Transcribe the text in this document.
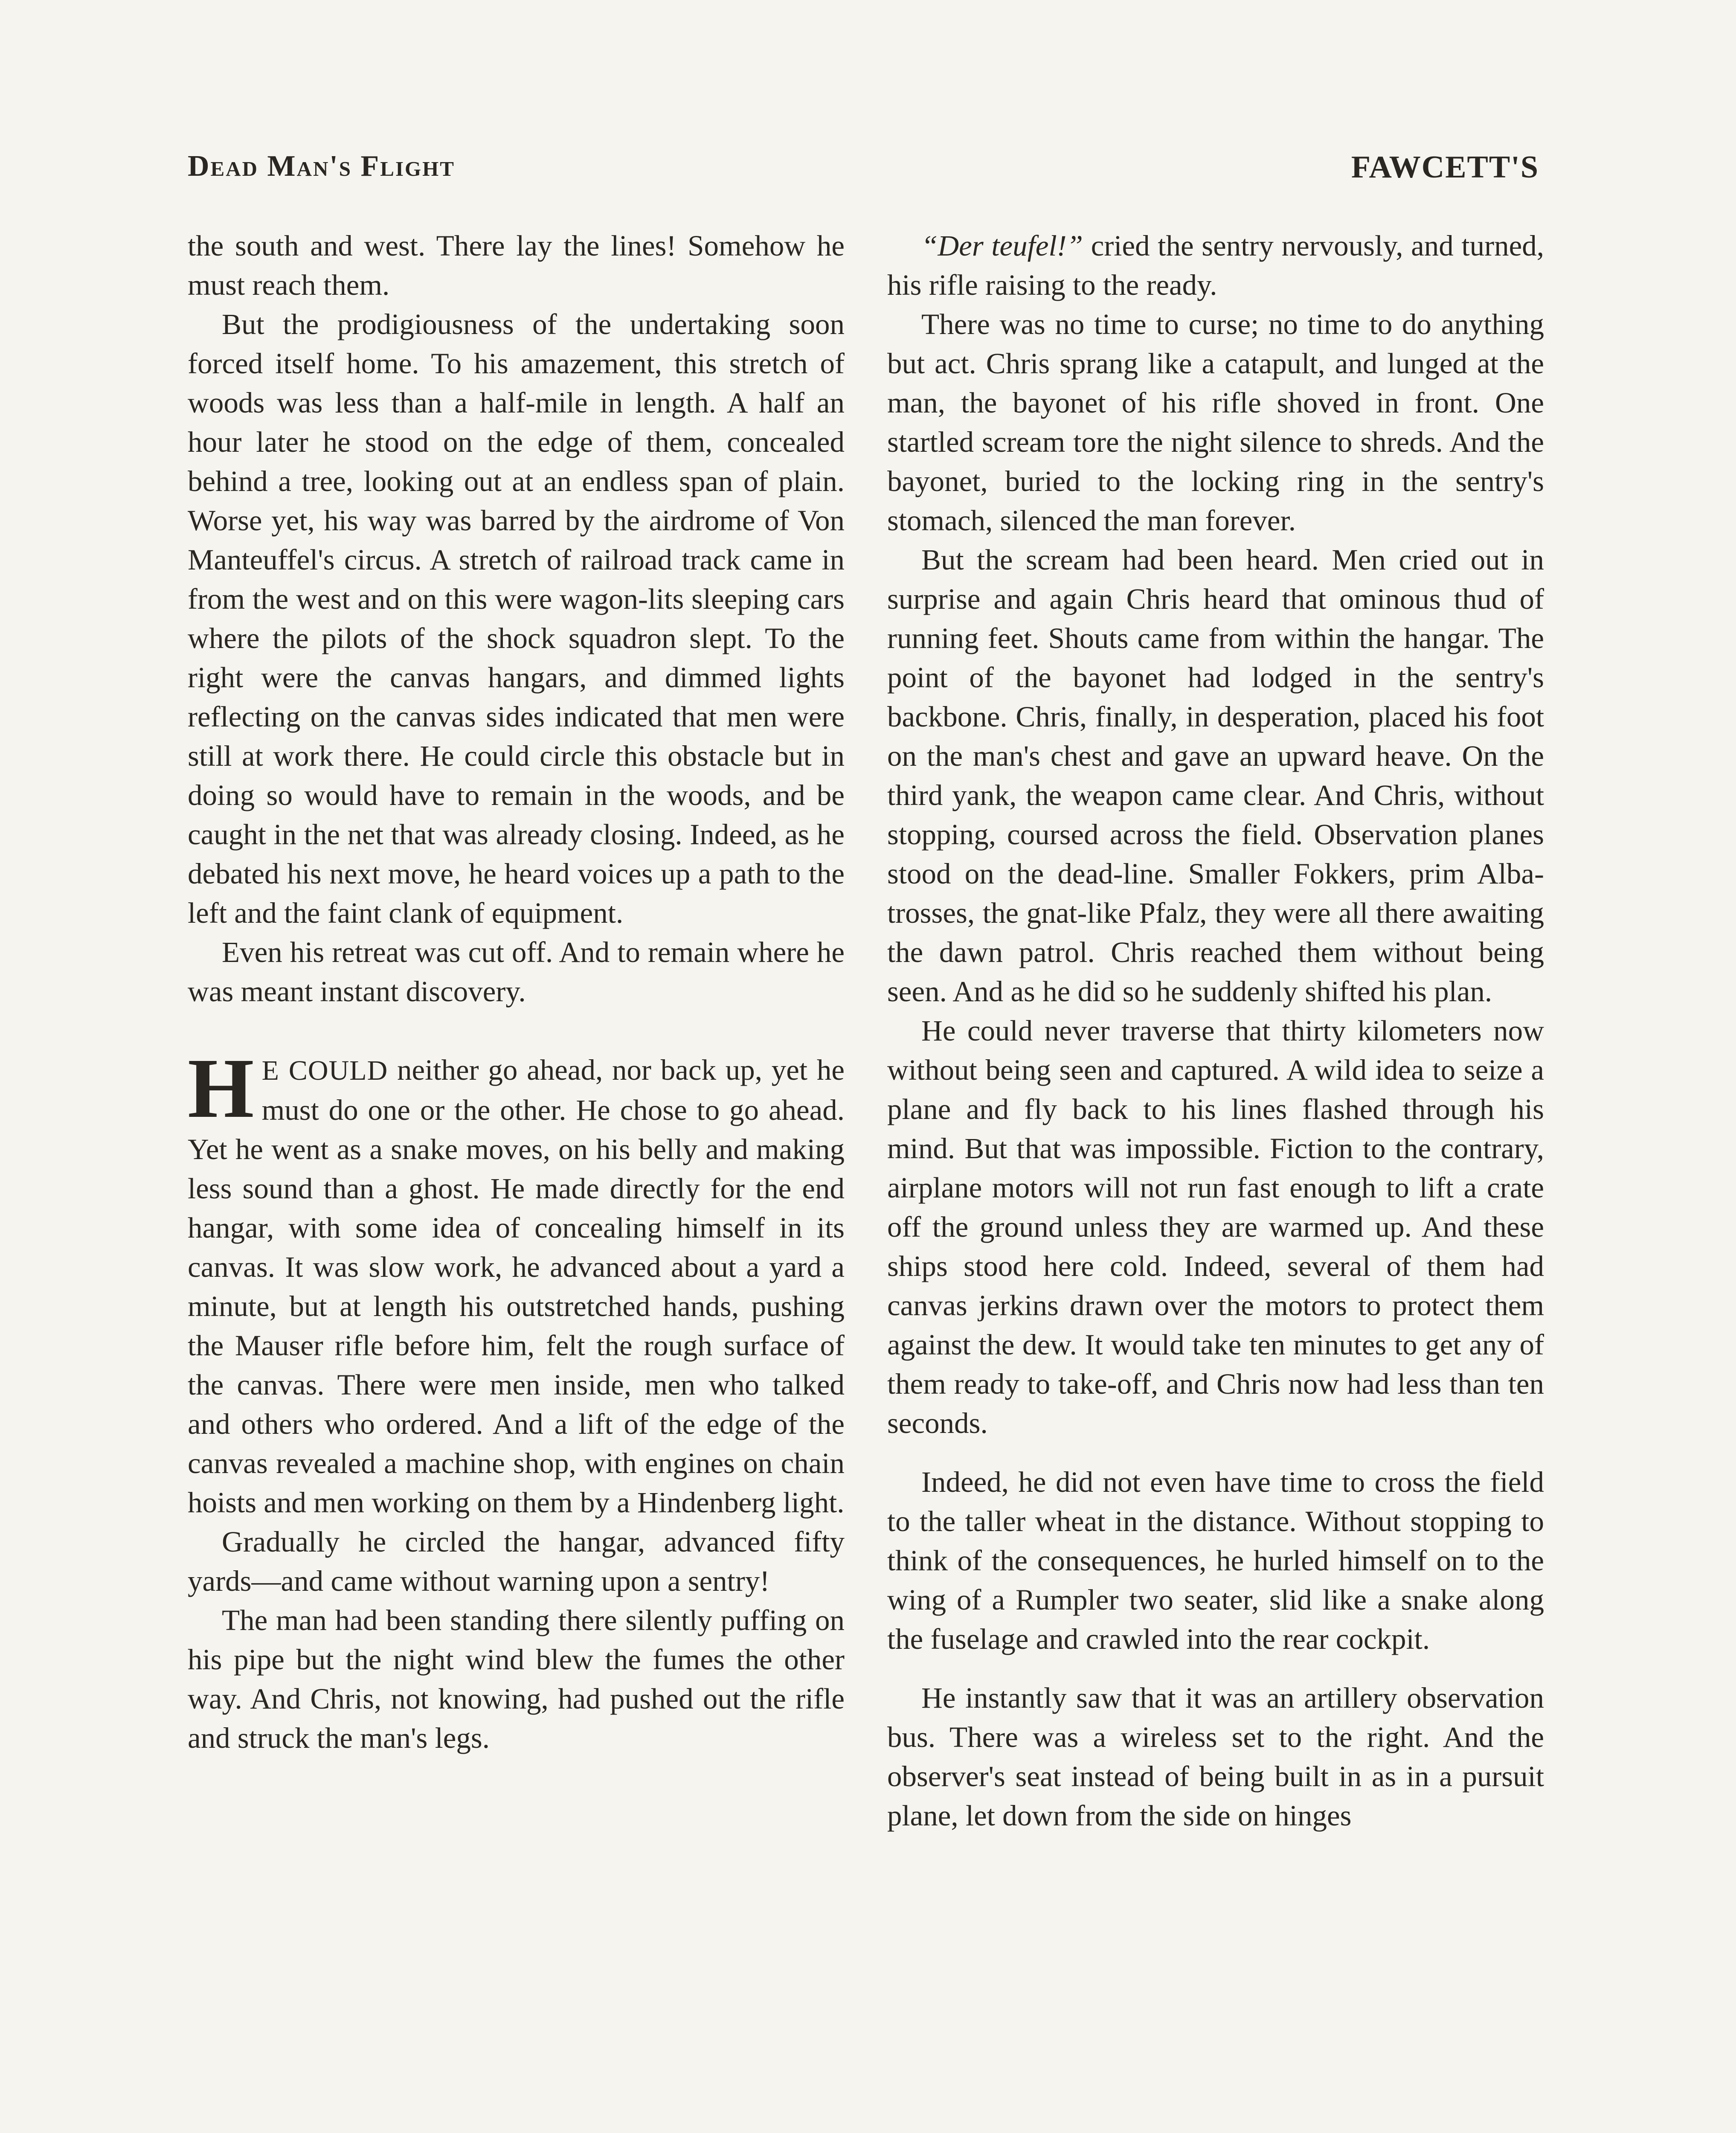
Dead Man's Flight	FAWCETT'S

the south and west. There lay the lines! Somehow he must reach them.

But the prodigiousness of the undertaking soon forced itself home. To his amazement, this stretch of woods was less than a half-mile in length. A half an hour later he stood on the edge of them, concealed behind a tree, looking out at an endless span of plain. Worse yet, his way was barred by the airdrome of Von Manteuffel's circus. A stretch of railroad track came in from the west and on this were wagon-lits sleeping cars where the pilots of the shock squadron slept. To the right were the canvas hangars, and dimmed lights reflecting on the canvas sides indicated that men were still at work there. He could circle this obstacle but in doing so would have to remain in the woods, and be caught in the net that was already closing. Indeed, as he debated his next move, he heard voices up a path to the left and the faint clank of equipment.

Even his retreat was cut off. And to remain where he was meant instant discovery.

H E COULD neither go ahead, nor back up, yet he must do one or the other. He chose to go ahead. Yet he went as a snake moves, on his belly and making less sound than a ghost. He made directly for the end hangar, with some idea of concealing himself in its canvas. It was slow work, he advanced about a yard a minute, but at length his outstretched hands, pushing the Mauser rifle before him, felt the rough surface of the canvas. There were men inside, men who talked and others who ordered. And a lift of the edge of the canvas revealed a machine shop, with engines on chain hoists and men working on them by a Hindenberg light.

Gradually he circled the hangar, advanced fifty yards—and came without warning upon a sentry!

The man had been standing there silently puffing on his pipe but the night wind blew the fumes the other way. And Chris, not knowing, had pushed out the rifle and struck the man's legs.

“Der teufel!” cried the sentry nervously, and turned, his rifle raising to the ready.

There was no time to curse; no time to do anything but act. Chris sprang like a catapult, and lunged at the man, the bayonet of his rifle shoved in front. One startled scream tore the night silence to shreds. And the bayonet, buried to the locking ring in the sentry's stomach, silenced the man forever.

But the scream had been heard. Men cried out in surprise and again Chris heard that ominous thud of running feet. Shouts came from within the hangar. The point of the bayonet had lodged in the sentry's backbone. Chris, finally, in desperation, placed his foot on the man's chest and gave an upward heave. On the third yank, the weapon came clear. And Chris, without stopping, coursed across the field. Observation planes stood on the dead-line. Smaller Fokkers, prim Albatrosses, the gnat-like Pfalz, they were all there awaiting the dawn patrol. Chris reached them without being seen. And as he did so he suddenly shifted his plan.

He could never traverse that thirty kilometers now without being seen and captured. A wild idea to seize a plane and fly back to his lines flashed through his mind. But that was impossible. Fiction to the contrary, airplane motors will not run fast enough to lift a crate off the ground unless they are warmed up. And these ships stood here cold. Indeed, several of them had canvas jerkins drawn over the motors to protect them against the dew. It would take ten minutes to get any of them ready to take-off, and Chris now had less than ten seconds.

Indeed, he did not even have time to cross the field to the taller wheat in the distance. Without stopping to think of the consequences, he hurled himself on to the wing of a Rumpler two seater, slid like a snake along the fuselage and crawled into the rear cockpit.

He instantly saw that it was an artillery observation bus. There was a wireless set to the right. And the observer's seat instead of being built in as in a pursuit plane, let down from the side on hinges
